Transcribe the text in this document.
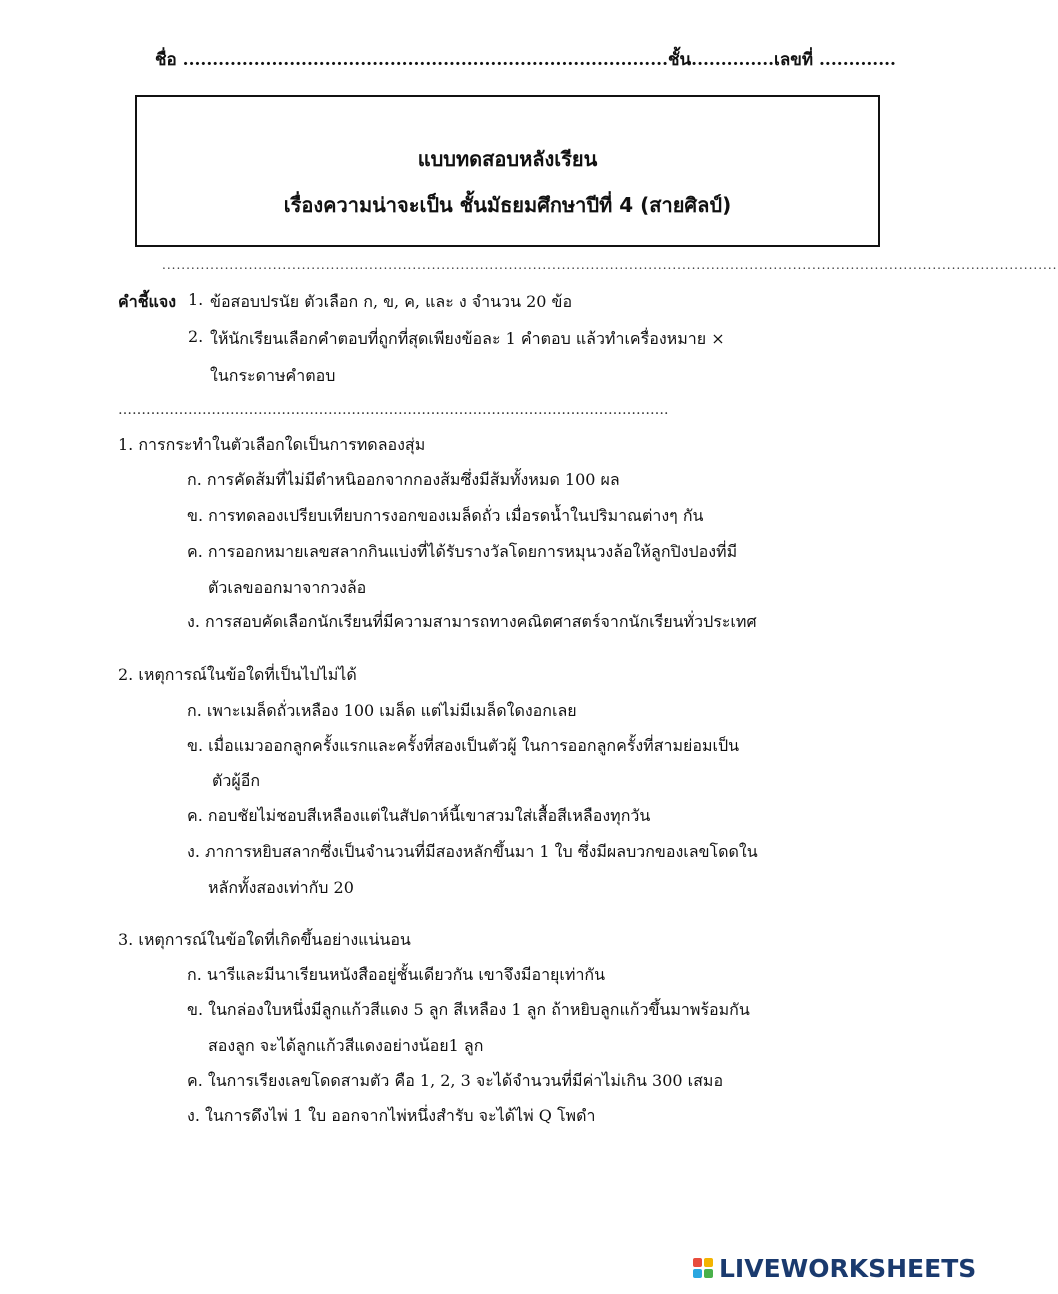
ชื่อ ..................................................................................ชั้น..............เลขที่ .............
แบบทดสอบหลังเรียน
เรื่องความน่าจะเป็น ชั้นมัธยมศึกษาปีที่ 4 (สายศิลป์)
..........................................................................................................................................................................................
คำชี้แจง 1. ข้อสอบปรนัย ตัวเลือก ก, ข, ค, และ ง จำนวน 20 ข้อ
2. ให้นักเรียนเลือกคำตอบที่ถูกที่สุดเพียงข้อละ 1 คำตอบ แล้วทำเครื่องหมาย ×
ในกระดาษคำตอบ
……………………………………………………………………………………………………….
1. การกระทำในตัวเลือกใดเป็นการทดลองสุ่ม
ก. การคัดส้มที่ไม่มีตำหนิออกจากกองส้มซึ่งมีส้มทั้งหมด 100 ผล
ข. การทดลองเปรียบเทียบการงอกของเมล็ดถั่ว เมื่อรดน้ำในปริมาณต่างๆ กัน
ค. การออกหมายเลขสลากกินแบ่งที่ได้รับรางวัลโดยการหมุนวงล้อให้ลูกปิงปองที่มี
ตัวเลขออกมาจากวงล้อ
ง. การสอบคัดเลือกนักเรียนที่มีความสามารถทางคณิตศาสตร์จากนักเรียนทั่วประเทศ
2. เหตุการณ์ในข้อใดที่เป็นไปไม่ได้
ก. เพาะเมล็ดถั่วเหลือง 100 เมล็ด แต่ไม่มีเมล็ดใดงอกเลย
ข. เมื่อแมวออกลูกครั้งแรกและครั้งที่สองเป็นตัวผู้ ในการออกลูกครั้งที่สามย่อมเป็น
ตัวผู้อีก
ค. กอบชัยไม่ชอบสีเหลืองแต่ในสัปดาห์นี้เขาสวมใส่เสื้อสีเหลืองทุกวัน
ง. ภาการหยิบสลากซึ่งเป็นจำนวนที่มีสองหลักขึ้นมา 1 ใบ ซึ่งมีผลบวกของเลขโดดใน
หลักทั้งสองเท่ากับ 20
3. เหตุการณ์ในข้อใดที่เกิดขึ้นอย่างแน่นอน
ก. นารีและมีนาเรียนหนังสืออยู่ชั้นเดียวกัน เขาจึงมีอายุเท่ากัน
ข. ในกล่องใบหนึ่งมีลูกแก้วสีแดง 5 ลูก สีเหลือง 1 ลูก ถ้าหยิบลูกแก้วขึ้นมาพร้อมกัน
สองลูก จะได้ลูกแก้วสีแดงอย่างน้อย1 ลูก
ค. ในการเรียงเลขโดดสามตัว คือ 1, 2, 3 จะได้จำนวนที่มีค่าไม่เกิน 300 เสมอ
ง. ในการดึงไพ่ 1 ใบ ออกจากไพ่หนึ่งสำรับ จะได้ไพ่ Q โพดำ
LIVEWORKSHEETS
